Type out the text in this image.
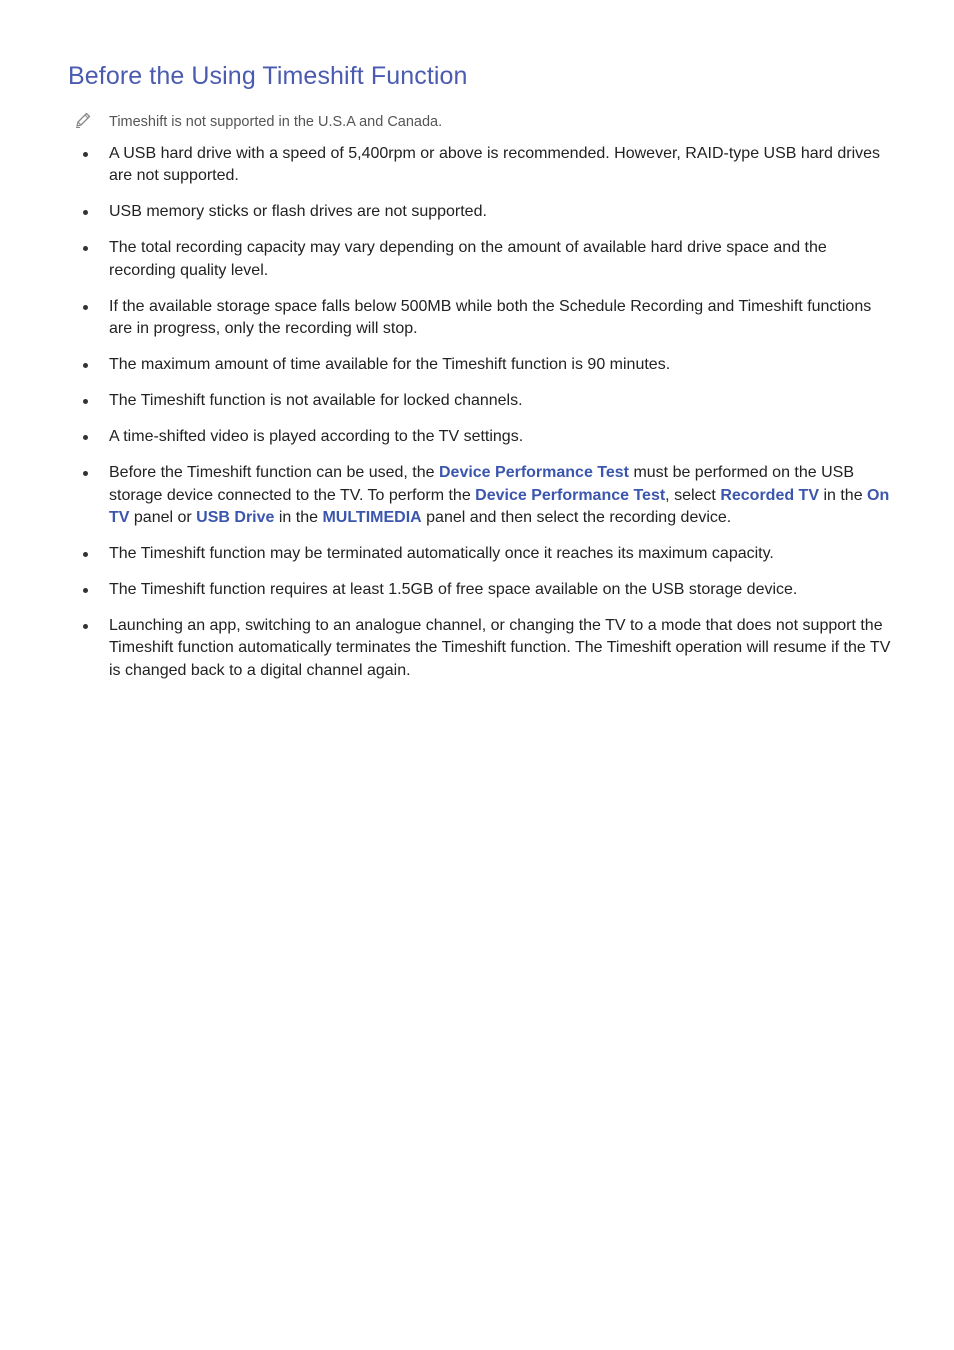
Before the Using Timeshift Function
Timeshift is not supported in the U.S.A and Canada.
A USB hard drive with a speed of 5,400rpm or above is recommended. However, RAID-type USB hard drives are not supported.
USB memory sticks or flash drives are not supported.
The total recording capacity may vary depending on the amount of available hard drive space and the recording quality level.
If the available storage space falls below 500MB while both the Schedule Recording and Timeshift functions are in progress, only the recording will stop.
The maximum amount of time available for the Timeshift function is 90 minutes.
The Timeshift function is not available for locked channels.
A time-shifted video is played according to the TV settings.
Before the Timeshift function can be used, the Device Performance Test must be performed on the USB storage device connected to the TV. To perform the Device Performance Test, select Recorded TV in the On TV panel or USB Drive in the MULTIMEDIA panel and then select the recording device.
The Timeshift function may be terminated automatically once it reaches its maximum capacity.
The Timeshift function requires at least 1.5GB of free space available on the USB storage device.
Launching an app, switching to an analogue channel, or changing the TV to a mode that does not support the Timeshift function automatically terminates the Timeshift function. The Timeshift operation will resume if the TV is changed back to a digital channel again.
